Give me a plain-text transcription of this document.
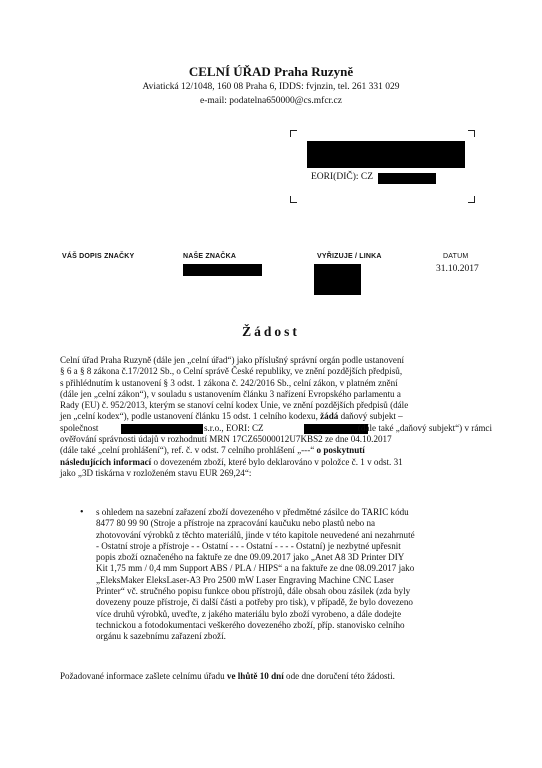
CELNÍ ÚŘAD Praha Ruzyně
Aviatická 12/1048, 160 08 Praha 6, IDDS: fvjnzin, tel. 261 331 029
e-mail: podatelna650000@cs.mfcr.cz
EORI(DIČ): CZ
VÁŠ DOPIS ZNAČKY	NAŠE ZNAČKA	VYŘIZUJE / LINKA	DATUM
31.10.2017
Žádost
Celní úřad Praha Ruzyně (dále jen „celní úřad“) jako příslušný správní orgán podle ustanovení
§ 6 a § 8 zákona č.17/2012 Sb., o Celní správě České republiky, ve znění pozdějších předpisů,
s přihlédnutím k ustanovení § 3 odst. 1 zákona č. 242/2016 Sb., celní zákon, v platném znění
(dále jen „celní zákon“), v souladu s ustanovením článku 3 nařízení Evropského parlamentu a
Rady (EU) č. 952/2013, kterým se stanoví celní kodex Unie, ve znění pozdějších předpisů (dále
jen „celní kodex“), podle ustanovení článku 15 odst. 1 celního kodexu, žádá daňový subjekt –
společnost	s.r.o., EORI: CZ	(dále také „daňový subjekt“) v rámci
ověřování správnosti údajů v rozhodnutí MRN 17CZ65000012U7KBS2 ze dne 04.10.2017
(dále také „celní prohlášení“), ref. č. v odst. 7 celního prohlášení „---“ o poskytnutí
následujících informací o dovezeném zboží, které bylo deklarováno v položce č. 1 v odst. 31
jako „3D tiskárna v rozloženém stavu EUR 269,24“:
• s ohledem na sazební zařazení zboží dovezeného v předmětné zásilce do TARIC kódu
8477 80 99 90 (Stroje a přístroje na zpracování kaučuku nebo plastů nebo na
zhotovování výrobků z těchto materiálů, jinde v této kapitole neuvedené ani nezahrnuté
- Ostatní stroje a přístroje - - Ostatní - - - Ostatní - - - - Ostatní) je nezbytné upřesnit
popis zboží označeného na faktuře ze dne 09.09.2017 jako „Anet A8 3D Printer DIY
Kit 1,75 mm / 0,4 mm Support ABS / PLA / HIPS“ a na faktuře ze dne 08.09.2017 jako
„EleksMaker EleksLaser-A3 Pro 2500 mW Laser Engraving Machine CNC Laser
Printer“ vč. stručného popisu funkce obou přístrojů, dále obsah obou zásilek (zda byly
dovezeny pouze přístroje, či další části a potřeby pro tisk), v případě, že bylo dovezeno
více druhů výrobků, uveďte, z jakého materiálu bylo zboží vyrobeno, a dále dodejte
technickou a fotodokumentaci veškerého dovezeného zboží, příp. stanovisko celního
orgánu k sazebnímu zařazení zboží.
Požadované informace zašlete celnímu úřadu ve lhůtě 10 dní ode dne doručení této žádosti.
